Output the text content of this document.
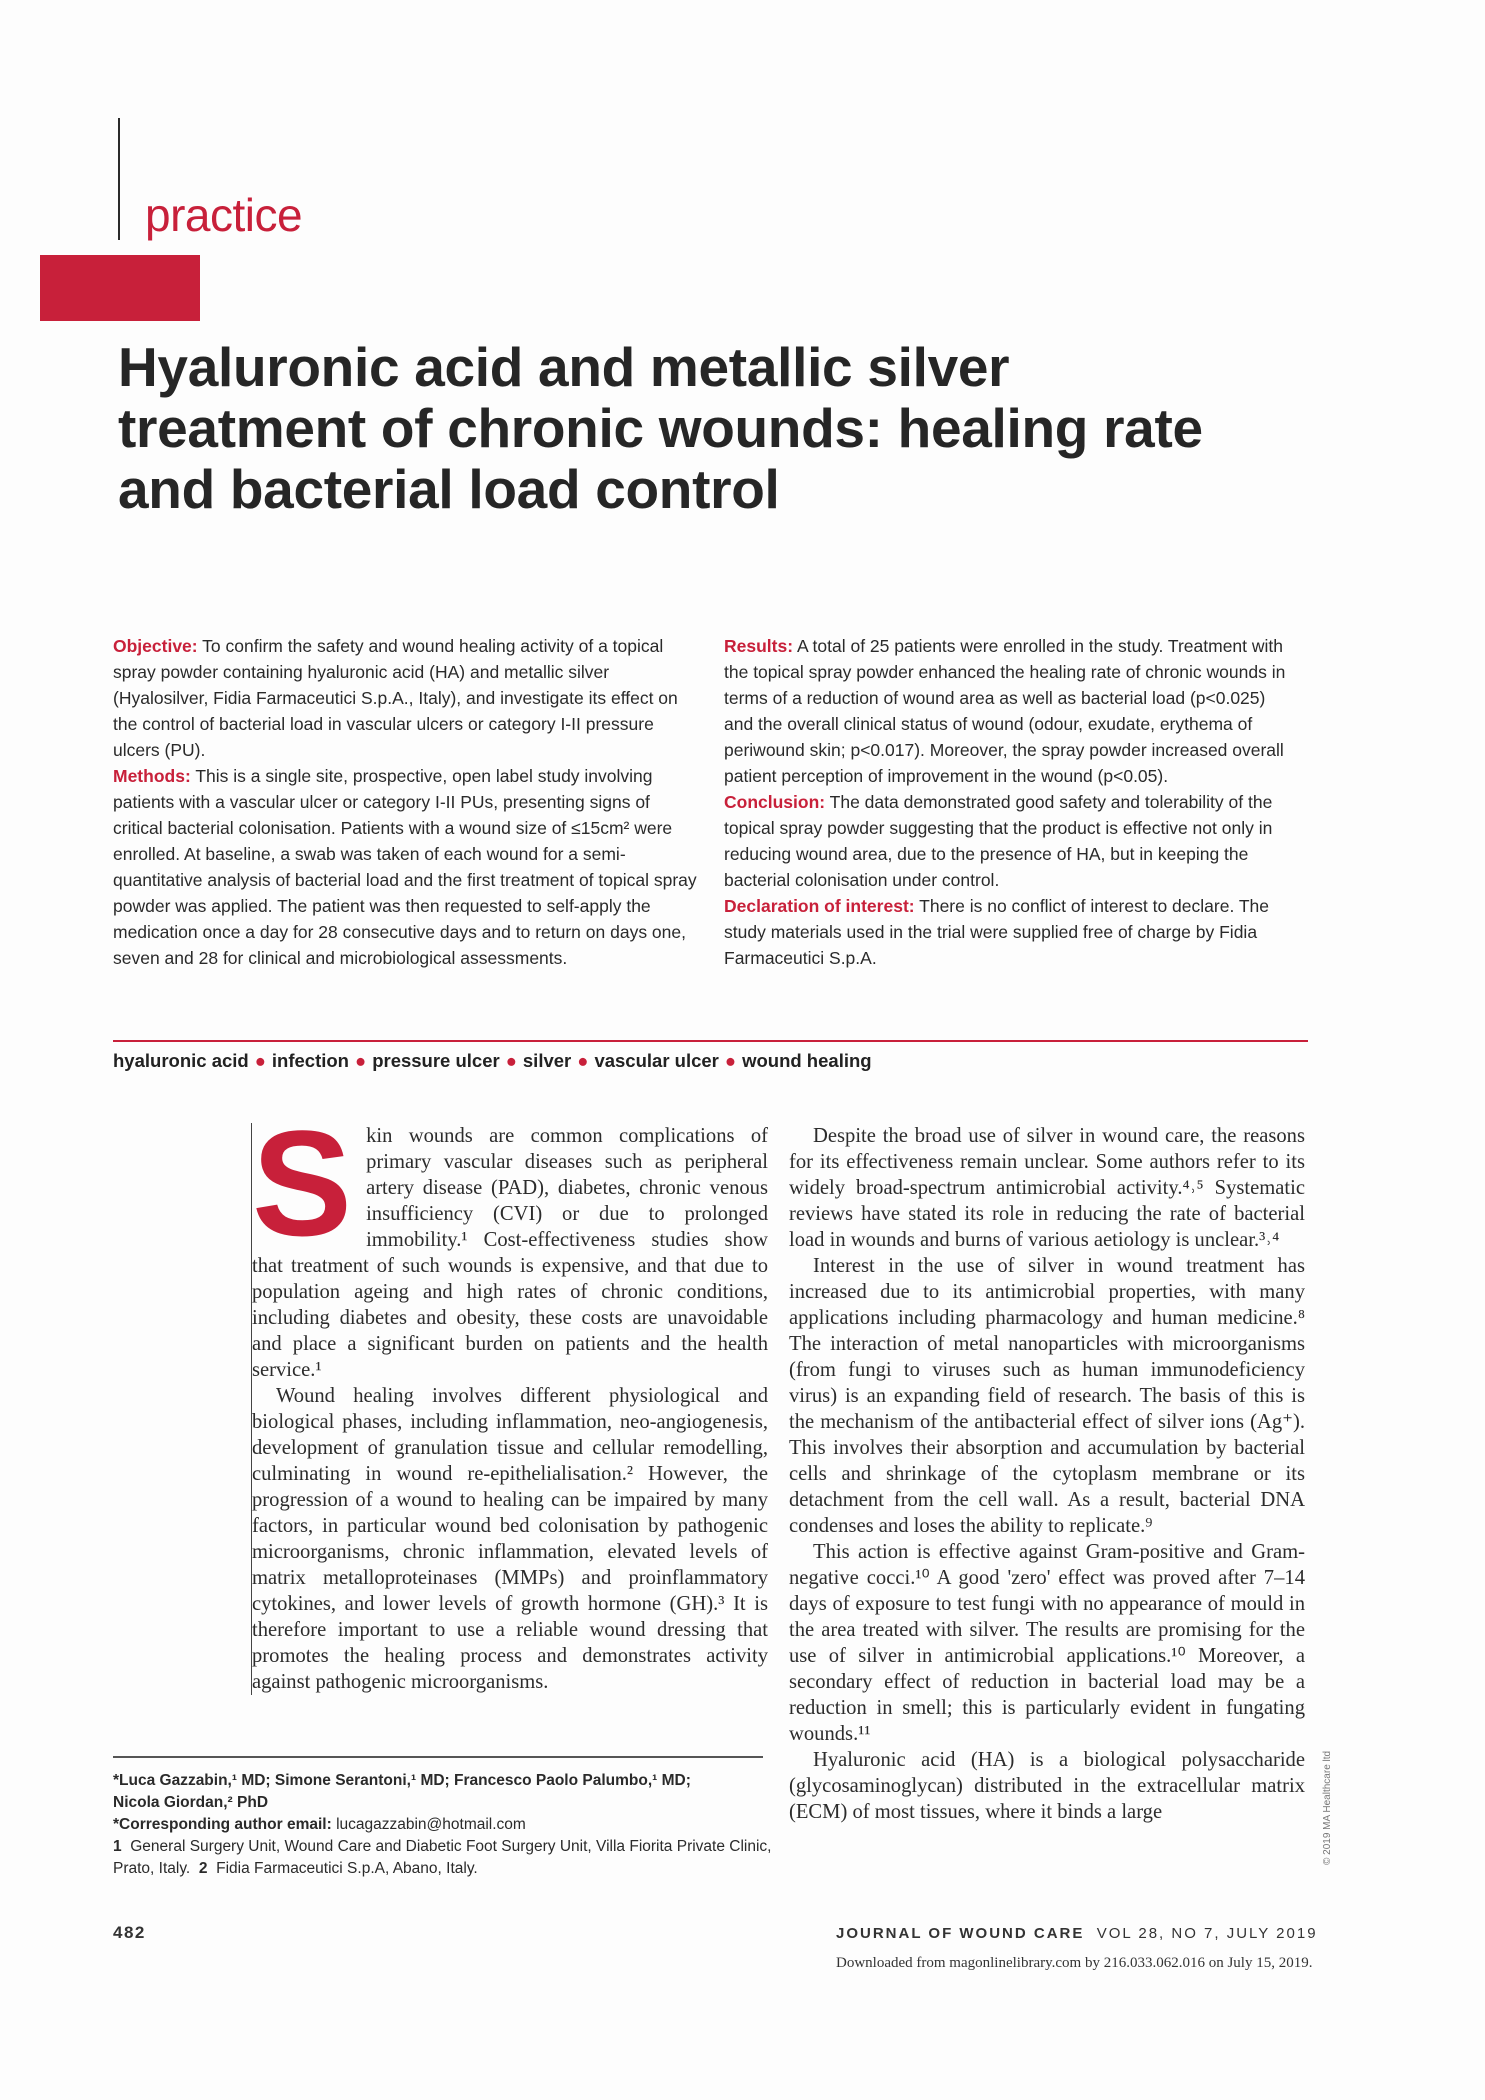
practice
Hyaluronic acid and metallic silver treatment of chronic wounds: healing rate and bacterial load control

Objective: To confirm the safety and wound healing activity of a topical spray powder containing hyaluronic acid (HA) and metallic silver (Hyalosilver, Fidia Farmaceutici S.p.A., Italy), and investigate its effect on the control of bacterial load in vascular ulcers or category I-II pressure ulcers (PU).

Methods: This is a single site, prospective, open label study involving patients with a vascular ulcer or category I-II PUs, presenting signs of critical bacterial colonisation. Patients with a wound size of ≤15cm² were enrolled. At baseline, a swab was taken of each wound for a semi-quantitative analysis of bacterial load and the first treatment of topical spray powder was applied. The patient was then requested to self-apply the medication once a day for 28 consecutive days and to return on days one, seven and 28 for clinical and microbiological assessments.

Results: A total of 25 patients were enrolled in the study. Treatment with the topical spray powder enhanced the healing rate of chronic wounds in terms of a reduction of wound area as well as bacterial load (p<0.025) and the overall clinical status of wound (odour, exudate, erythema of periwound skin; p<0.017). Moreover, the spray powder increased overall patient perception of improvement in the wound (p<0.05).

Conclusion: The data demonstrated good safety and tolerability of the topical spray powder suggesting that the product is effective not only in reducing wound area, due to the presence of HA, but in keeping the bacterial colonisation under control.

Declaration of interest: There is no conflict of interest to declare. The study materials used in the trial were supplied free of charge by Fidia Farmaceutici S.p.A.

hyaluronic acid ● infection ● pressure ulcer ● silver ● vascular ulcer ● wound healing

Skin wounds are common complications of primary vascular diseases such as peripheral artery disease (PAD), diabetes, chronic venous insufficiency (CVI) or due to prolonged immobility.¹ Cost-effectiveness studies show that treatment of such wounds is expensive, and that due to population ageing and high rates of chronic conditions, including diabetes and obesity, these costs are unavoidable and place a significant burden on patients and the health service.¹

Wound healing involves different physiological and biological phases, including inflammation, neo-angiogenesis, development of granulation tissue and cellular remodelling, culminating in wound re-epithelialisation.² However, the progression of a wound to healing can be impaired by many factors, in particular wound bed colonisation by pathogenic microorganisms, chronic inflammation, elevated levels of matrix metalloproteinases (MMPs) and proinflammatory cytokines, and lower levels of growth hormone (GH).³ It is therefore important to use a reliable wound dressing that promotes the healing process and demonstrates activity against pathogenic microorganisms.

Despite the broad use of silver in wound care, the reasons for its effectiveness remain unclear. Some authors refer to its widely broad-spectrum antimicrobial activity.⁴˒⁵ Systematic reviews have stated its role in reducing the rate of bacterial load in wounds and burns of various aetiology is unclear.³˒⁴

Interest in the use of silver in wound treatment has increased due to its antimicrobial properties, with many applications including pharmacology and human medicine.⁸ The interaction of metal nanoparticles with microorganisms (from fungi to viruses such as human immunodeficiency virus) is an expanding field of research. The basis of this is the mechanism of the antibacterial effect of silver ions (Ag⁺). This involves their absorption and accumulation by bacterial cells and shrinkage of the cytoplasm membrane or its detachment from the cell wall. As a result, bacterial DNA condenses and loses the ability to replicate.⁹

This action is effective against Gram-positive and Gram-negative cocci.¹⁰ A good 'zero' effect was proved after 7–14 days of exposure to test fungi with no appearance of mould in the area treated with silver. The results are promising for the use of silver in antimicrobial applications.¹⁰ Moreover, a secondary effect of reduction in bacterial load may be a reduction in smell; this is particularly evident in fungating wounds.¹¹

Hyaluronic acid (HA) is a biological polysaccharide (glycosaminoglycan) distributed in the extracellular matrix (ECM) of most tissues, where it binds a large

*Luca Gazzabin,¹ MD; Simone Serantoni,¹ MD; Francesco Paolo Palumbo,¹ MD;

Nicola Giordan,² PhD

*Corresponding author email: lucagazzabin@hotmail.com

1 General Surgery Unit, Wound Care and Diabetic Foot Surgery Unit, Villa Fiorita Private Clinic, Prato, Italy. 2 Fidia Farmaceutici S.p.A, Abano, Italy.

© 2019 MA Healthcare ltd
482	JOURNAL OF WOUND CARE VOL 28, NO 7, JULY 2019
Downloaded from magonlinelibrary.com by 216.033.062.016 on July 15, 2019.
